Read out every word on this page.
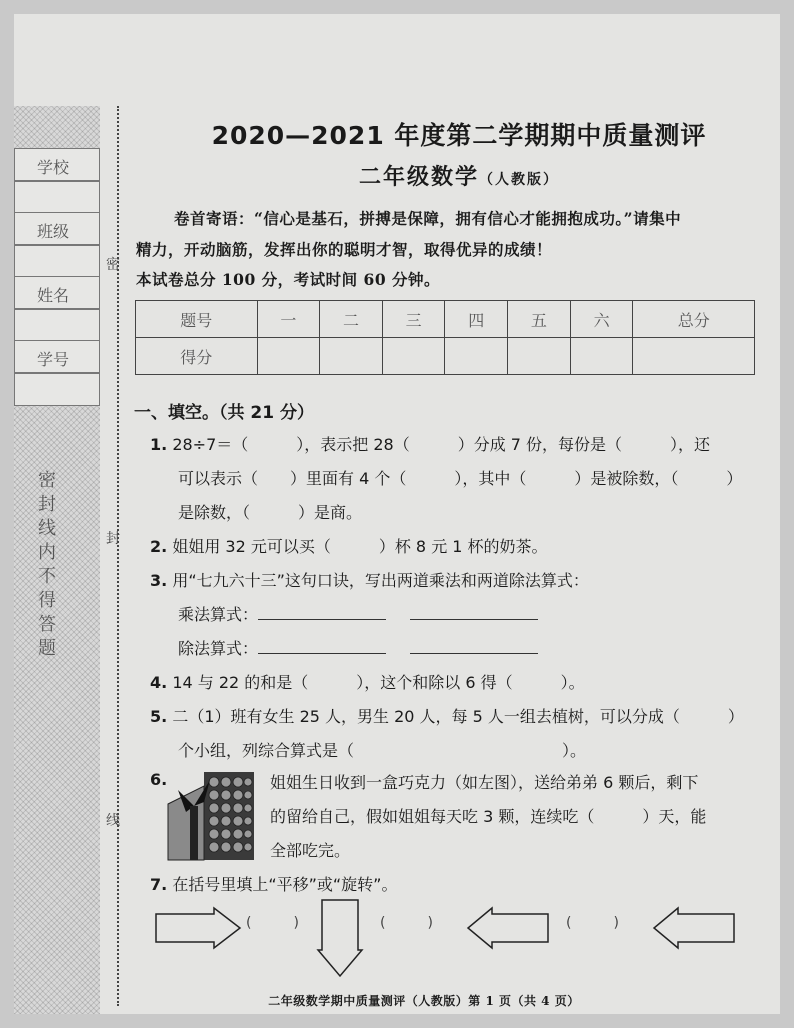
学校
班级
姓名
学号
密
封
线
内
不
得
答
题
密
封
线
2020—2021 年度第二学期期中质量测评
二年级数学（人教版）
卷首寄语：“信心是基石，拼搏是保障，拥有信心才能拥抱成功。”请集中
精力，开动脑筋，发挥出你的聪明才智，取得优异的成绩！
本试卷总分 100 分，考试时间 60 分钟。
题号	一	二	三	四	五	六	总分
得分							
一、填空。（共 21 分）
1. 28÷7＝（　　　），表示把 28（　　　）分成 7 份，每份是（　　　），还
可以表示（　　）里面有 4 个（　　　），其中（　　　）是被除数，（　　　）
是除数，（　　　）是商。
2. 姐姐用 32 元可以买（　　　）杯 8 元 1 杯的奶茶。
3. 用“七九六十三”这句口诀，写出两道乘法和两道除法算式：
乘法算式：
除法算式：
4. 14 与 22 的和是（　　　），这个和除以 6 得（　　　）。
5. 二（1）班有女生 25 人，男生 20 人，每 5 人一组去植树，可以分成（　　　）
个小组，列综合算式是（　　　　　　　　　　　　　）。
6.	姐姐生日收到一盒巧克力（如左图），送给弟弟 6 颗后，剩下
的留给自己，假如姐姐每天吃 3 颗，连续吃（　　　）天，能
全部吃完。
7. 在括号里填上“平移”或“旋转”。
(　　　)	(　　　)	(　　　)
二年级数学期中质量测评（人教版）第 1 页（共 4 页）
